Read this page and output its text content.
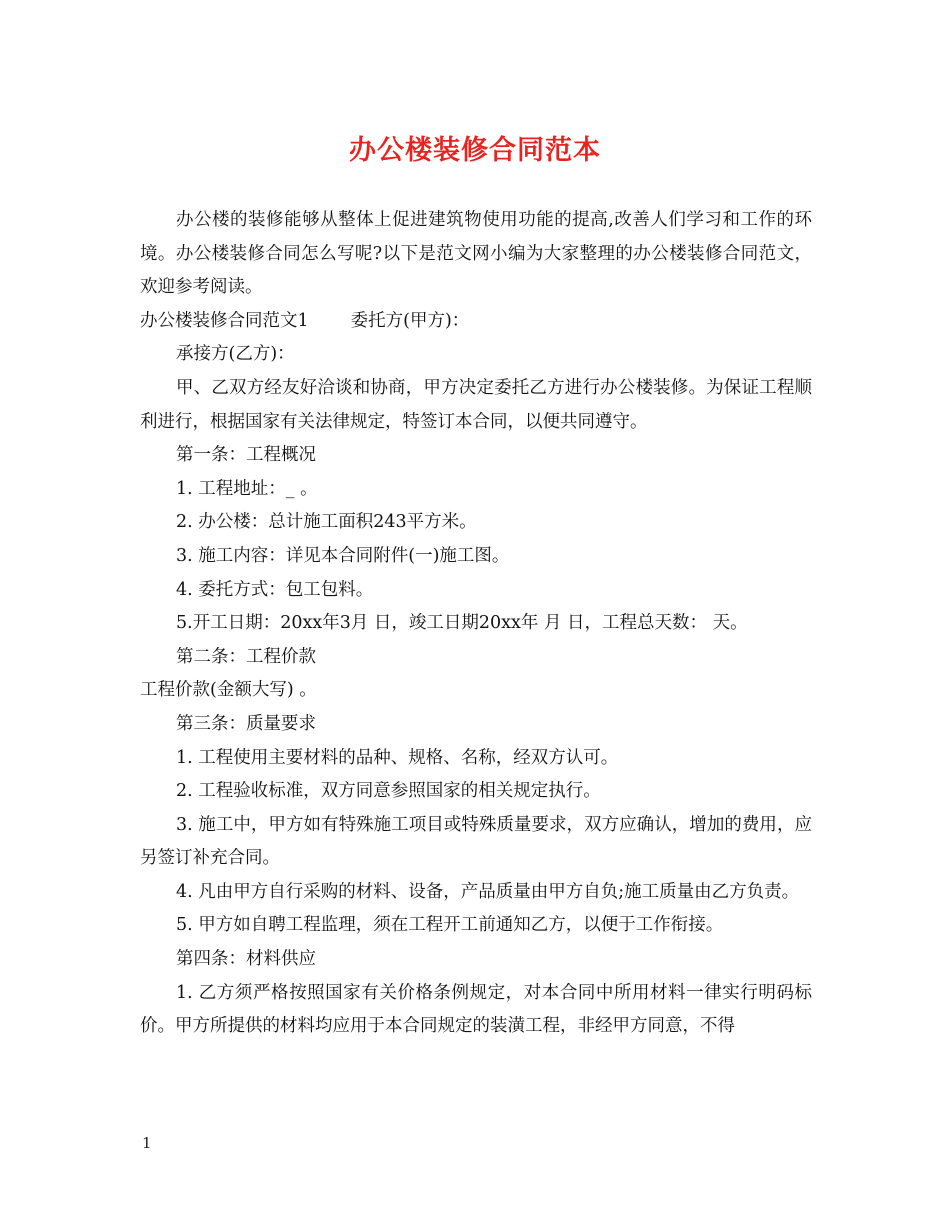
办公楼装修合同范本

办公楼的装修能够从整体上促进建筑物使用功能的提高,改善人们学习和工作的环境。办公楼装修合同怎么写呢?以下是范文网小编为大家整理的办公楼装修合同范文，欢迎参考阅读。

办公楼装修合同范文1 委托方(甲方)：

承接方(乙方)：

甲、乙双方经友好洽谈和协商，甲方决定委托乙方进行办公楼装修。为保证工程顺利进行，根据国家有关法律规定，特签订本合同，以便共同遵守。

第一条：工程概况

1. 工程地址：_ 。

2. 办公楼：总计施工面积243平方米。

3. 施工内容：详见本合同附件(一)施工图。

4. 委托方式：包工包料。

5.开工日期：20xx年3月 日，竣工日期20xx年 月 日，工程总天数： 天。

第二条：工程价款

工程价款(金额大写) 。

第三条：质量要求

1. 工程使用主要材料的品种、规格、名称，经双方认可。

2. 工程验收标准，双方同意参照国家的相关规定执行。

3. 施工中，甲方如有特殊施工项目或特殊质量要求，双方应确认，增加的费用，应另签订补充合同。

4. 凡由甲方自行采购的材料、设备，产品质量由甲方自负;施工质量由乙方负责。

5. 甲方如自聘工程监理，须在工程开工前通知乙方，以便于工作衔接。

第四条：材料供应

1. 乙方须严格按照国家有关价格条例规定，对本合同中所用材料一律实行明码标价。甲方所提供的材料均应用于本合同规定的装潢工程，非经甲方同意，不得

1
